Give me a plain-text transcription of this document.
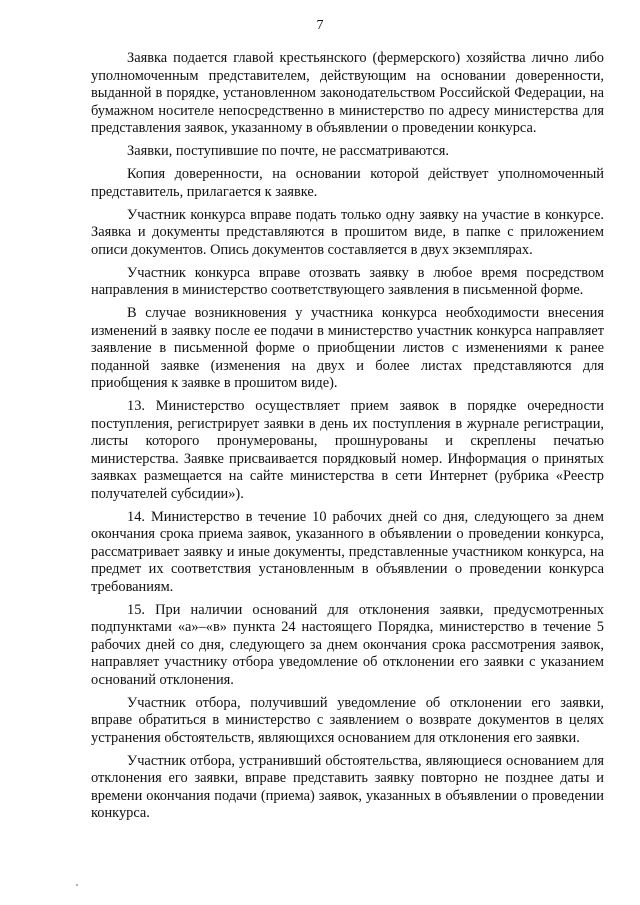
7

Заявка подается главой крестьянского (фермерского) хозяйства лично либо уполномоченным представителем, действующим на основании доверенности, выданной в порядке, установленном законодательством Российской Федерации, на бумажном носителе непосредственно в министерство по адресу министерства для представления заявок, указанному в объявлении о проведении конкурса.

Заявки, поступившие по почте, не рассматриваются.

Копия доверенности, на основании которой действует уполномоченный представитель, прилагается к заявке.

Участник конкурса вправе подать только одну заявку на участие в конкурсе. Заявка и документы представляются в прошитом виде, в папке с приложением описи документов. Опись документов составляется в двух экземплярах.

Участник конкурса вправе отозвать заявку в любое время посредством направления в министерство соответствующего заявления в письменной форме.

В случае возникновения у участника конкурса необходимости внесения изменений в заявку после ее подачи в министерство участник конкурса направляет заявление в письменной форме о приобщении листов с изменениями к ранее поданной заявке (изменения на двух и более листах представляются для приобщения к заявке в прошитом виде).

13. Министерство осуществляет прием заявок в порядке очередности поступления, регистрирует заявки в день их поступления в журнале регистрации, листы которого пронумерованы, прошнурованы и скреплены печатью министерства. Заявке присваивается порядковый номер. Информация о принятых заявках размещается на сайте министерства в сети Интернет (рубрика «Реестр получателей субсидии»).

14. Министерство в течение 10 рабочих дней со дня, следующего за днем окончания срока приема заявок, указанного в объявлении о проведении конкурса, рассматривает заявку и иные документы, представленные участником конкурса, на предмет их соответствия установленным в объявлении о проведении конкурса требованиям.

15. При наличии оснований для отклонения заявки, предусмотренных подпунктами «а»–«в» пункта 24 настоящего Порядка, министерство в течение 5 рабочих дней со дня, следующего за днем окончания срока рассмотрения заявок, направляет участнику отбора уведомление об отклонении его заявки с указанием оснований отклонения.

Участник отбора, получивший уведомление об отклонении его заявки, вправе обратиться в министерство с заявлением о возврате документов в целях устранения обстоятельств, являющихся основанием для отклонения его заявки.

Участник отбора, устранивший обстоятельства, являющиеся основанием для отклонения его заявки, вправе представить заявку повторно не позднее даты и времени окончания подачи (приема) заявок, указанных в объявлении о проведении конкурса.
